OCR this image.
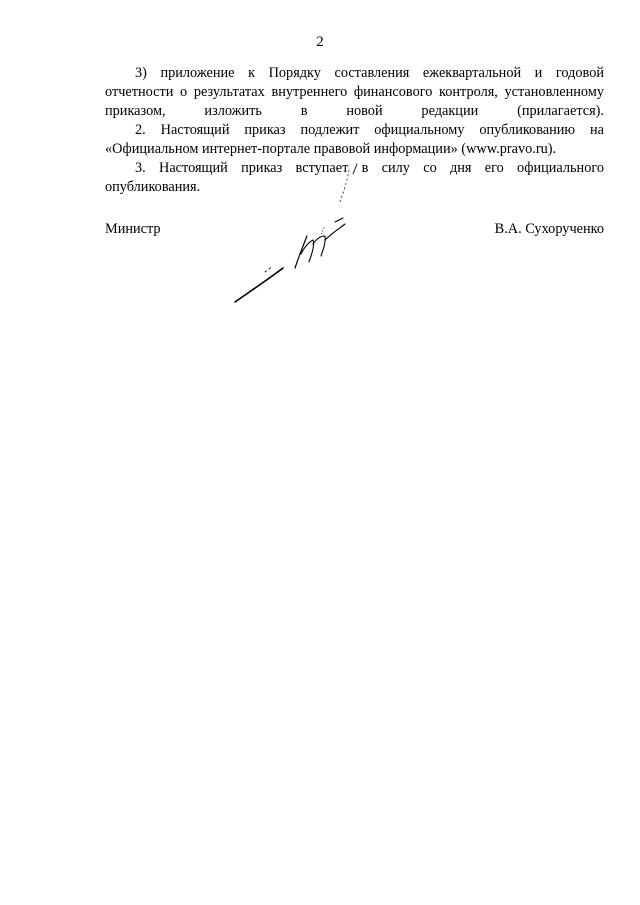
2

3) приложение к Порядку составления ежеквартальной и годовой отчетности о результатах внутреннего финансового контроля, установленному приказом, изложить в новой редакции (прилагается).

2. Настоящий приказ подлежит официальному опубликованию на «Официальном интернет-портале правовой информации» (www.pravo.ru).

3. Настоящий приказ вступает в силу со дня его официального опубликования.

Министр	В.А. Сухорученко
